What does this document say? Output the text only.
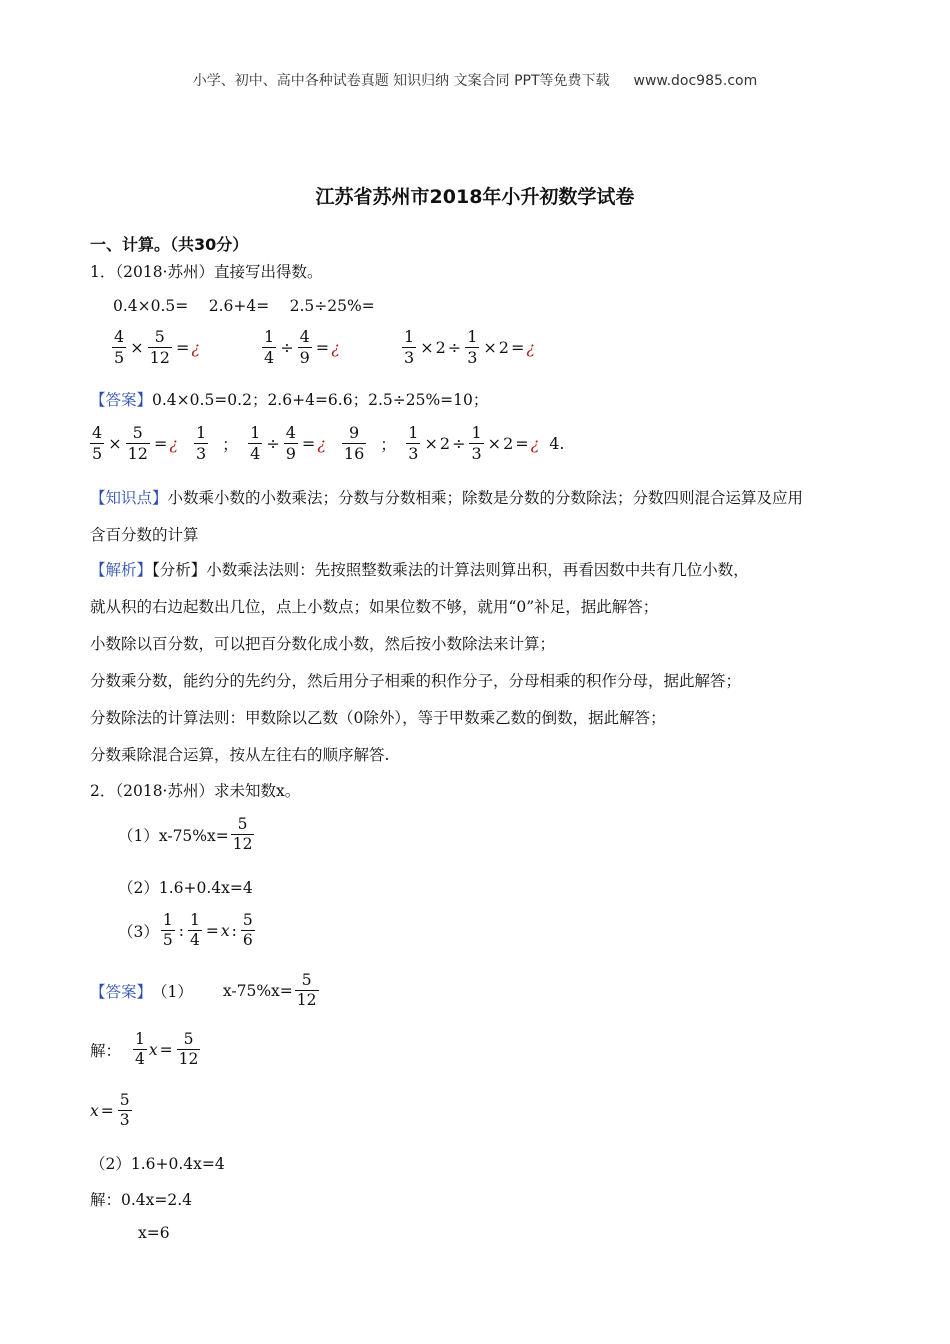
小学、初中、高中各种试卷真题 知识归纳 文案合同 PPT等免费下载 www.doc985.com
江苏省苏州市2018年小升初数学试卷
一、计算。（共30分）
1．（2018·苏州）直接写出得数。
0.4×0.5=　 2.6+4=　 2.5÷25%=
$\frac{4}{5} \times \frac{5}{12}$ = ¿	$\frac{1}{4} \div \frac{4}{9}$ = ¿	$\frac{1}{3} \times 2 \div \frac{1}{3} \times 2$ = ¿
【答案】0.4×0.5=0.2；2.6+4=6.6；2.5÷25%=10；
$\frac{4}{5} \times \frac{5}{12}$ = ¿ $\frac{1}{3}$ ； $\frac{1}{4} \div \frac{4}{9}$ = ¿ $\frac{9}{16}$ ； $\frac{1}{3} \times 2 \div \frac{1}{3} \times 2$ = ¿ 4.
【知识点】小数乘小数的小数乘法；分数与分数相乘；除数是分数的分数除法；分数四则混合运算及应用
含百分数的计算
【解析】【分析】小数乘法法则：先按照整数乘法的计算法则算出积，再看因数中共有几位小数，
就从积的右边起数出几位，点上小数点；如果位数不够，就用“0”补足，据此解答；
小数除以百分数，可以把百分数化成小数，然后按小数除法来计算；
分数乘分数，能约分的先约分，然后用分子相乘的积作分子，分母相乘的积作分母，据此解答；
分数除法的计算法则：甲数除以乙数（0除外），等于甲数乘乙数的倒数，据此解答；
分数乘除混合运算，按从左往右的顺序解答.
2．（2018·苏州）求未知数x。
$(1)x-75\%x= \frac{5}{12}$
（2）1.6+0.4x=4
$(3) \frac{1}{5}$ : $\frac{1}{4} = x$ : $\frac{5}{6}$
【答案】 （1） $x-75\%x= \frac{5}{12}$
解： $\frac{1}{4}$ $x = \frac{5}{12}$
$x = \frac{5}{3}$
（2）1.6+0.4x=4
解：0.4x=2.4
x=6
